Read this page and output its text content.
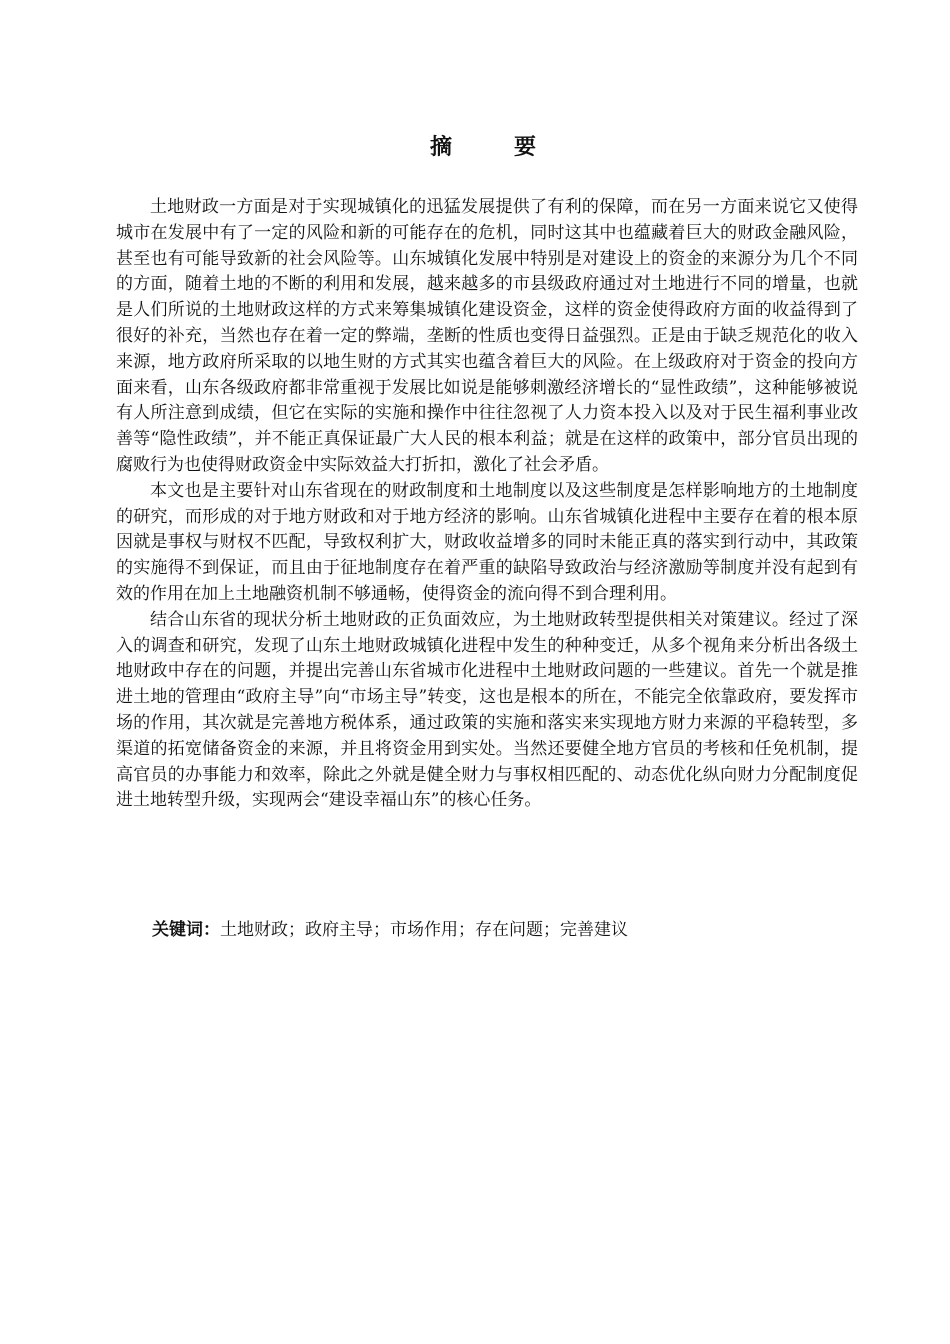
摘　要

土地财政一方面是对于实现城镇化的迅猛发展提供了有利的保障，而在另一方面来说它又使得城市在发展中有了一定的风险和新的可能存在的危机，同时这其中也蕴藏着巨大的财政金融风险，甚至也有可能导致新的社会风险等。山东城镇化发展中特别是对建设上的资金的来源分为几个不同的方面，随着土地的不断的利用和发展，越来越多的市县级政府通过对土地进行不同的增量，也就是人们所说的土地财政这样的方式来筹集城镇化建设资金，这样的资金使得政府方面的收益得到了很好的补充，当然也存在着一定的弊端，垄断的性质也变得日益强烈。正是由于缺乏规范化的收入来源，地方政府所采取的以地生财的方式其实也蕴含着巨大的风险。在上级政府对于资金的投向方面来看，山东各级政府都非常重视于发展比如说是能够刺激经济增长的“显性政绩”，这种能够被说有人所注意到成绩，但它在实际的实施和操作中往往忽视了人力资本投入以及对于民生福利事业改善等“隐性政绩”，并不能正真保证最广大人民的根本利益；就是在这样的政策中，部分官员出现的腐败行为也使得财政资金中实际效益大打折扣，激化了社会矛盾。

本文也是主要针对山东省现在的财政制度和土地制度以及这些制度是怎样影响地方的土地制度的研究，而形成的对于地方财政和对于地方经济的影响。山东省城镇化进程中主要存在着的根本原因就是事权与财权不匹配，导致权利扩大，财政收益增多的同时未能正真的落实到行动中，其政策的实施得不到保证，而且由于征地制度存在着严重的缺陷导致政治与经济激励等制度并没有起到有效的作用在加上土地融资机制不够通畅，使得资金的流向得不到合理利用。

结合山东省的现状分析土地财政的正负面效应，为土地财政转型提供相关对策建议。经过了深入的调查和研究，发现了山东土地财政城镇化进程中发生的种种变迁，从多个视角来分析出各级土地财政中存在的问题，并提出完善山东省城市化进程中土地财政问题的一些建议。首先一个就是推进土地的管理由“政府主导”向“市场主导”转变，这也是根本的所在，不能完全依靠政府，要发挥市场的作用，其次就是完善地方税体系，通过政策的实施和落实来实现地方财力来源的平稳转型，多渠道的拓宽储备资金的来源，并且将资金用到实处。当然还要健全地方官员的考核和任免机制，提高官员的办事能力和效率，除此之外就是健全财力与事权相匹配的、动态优化纵向财力分配制度促进土地转型升级，实现两会“建设幸福山东”的核心任务。

关键词：土地财政；政府主导；市场作用；存在问题；完善建议
